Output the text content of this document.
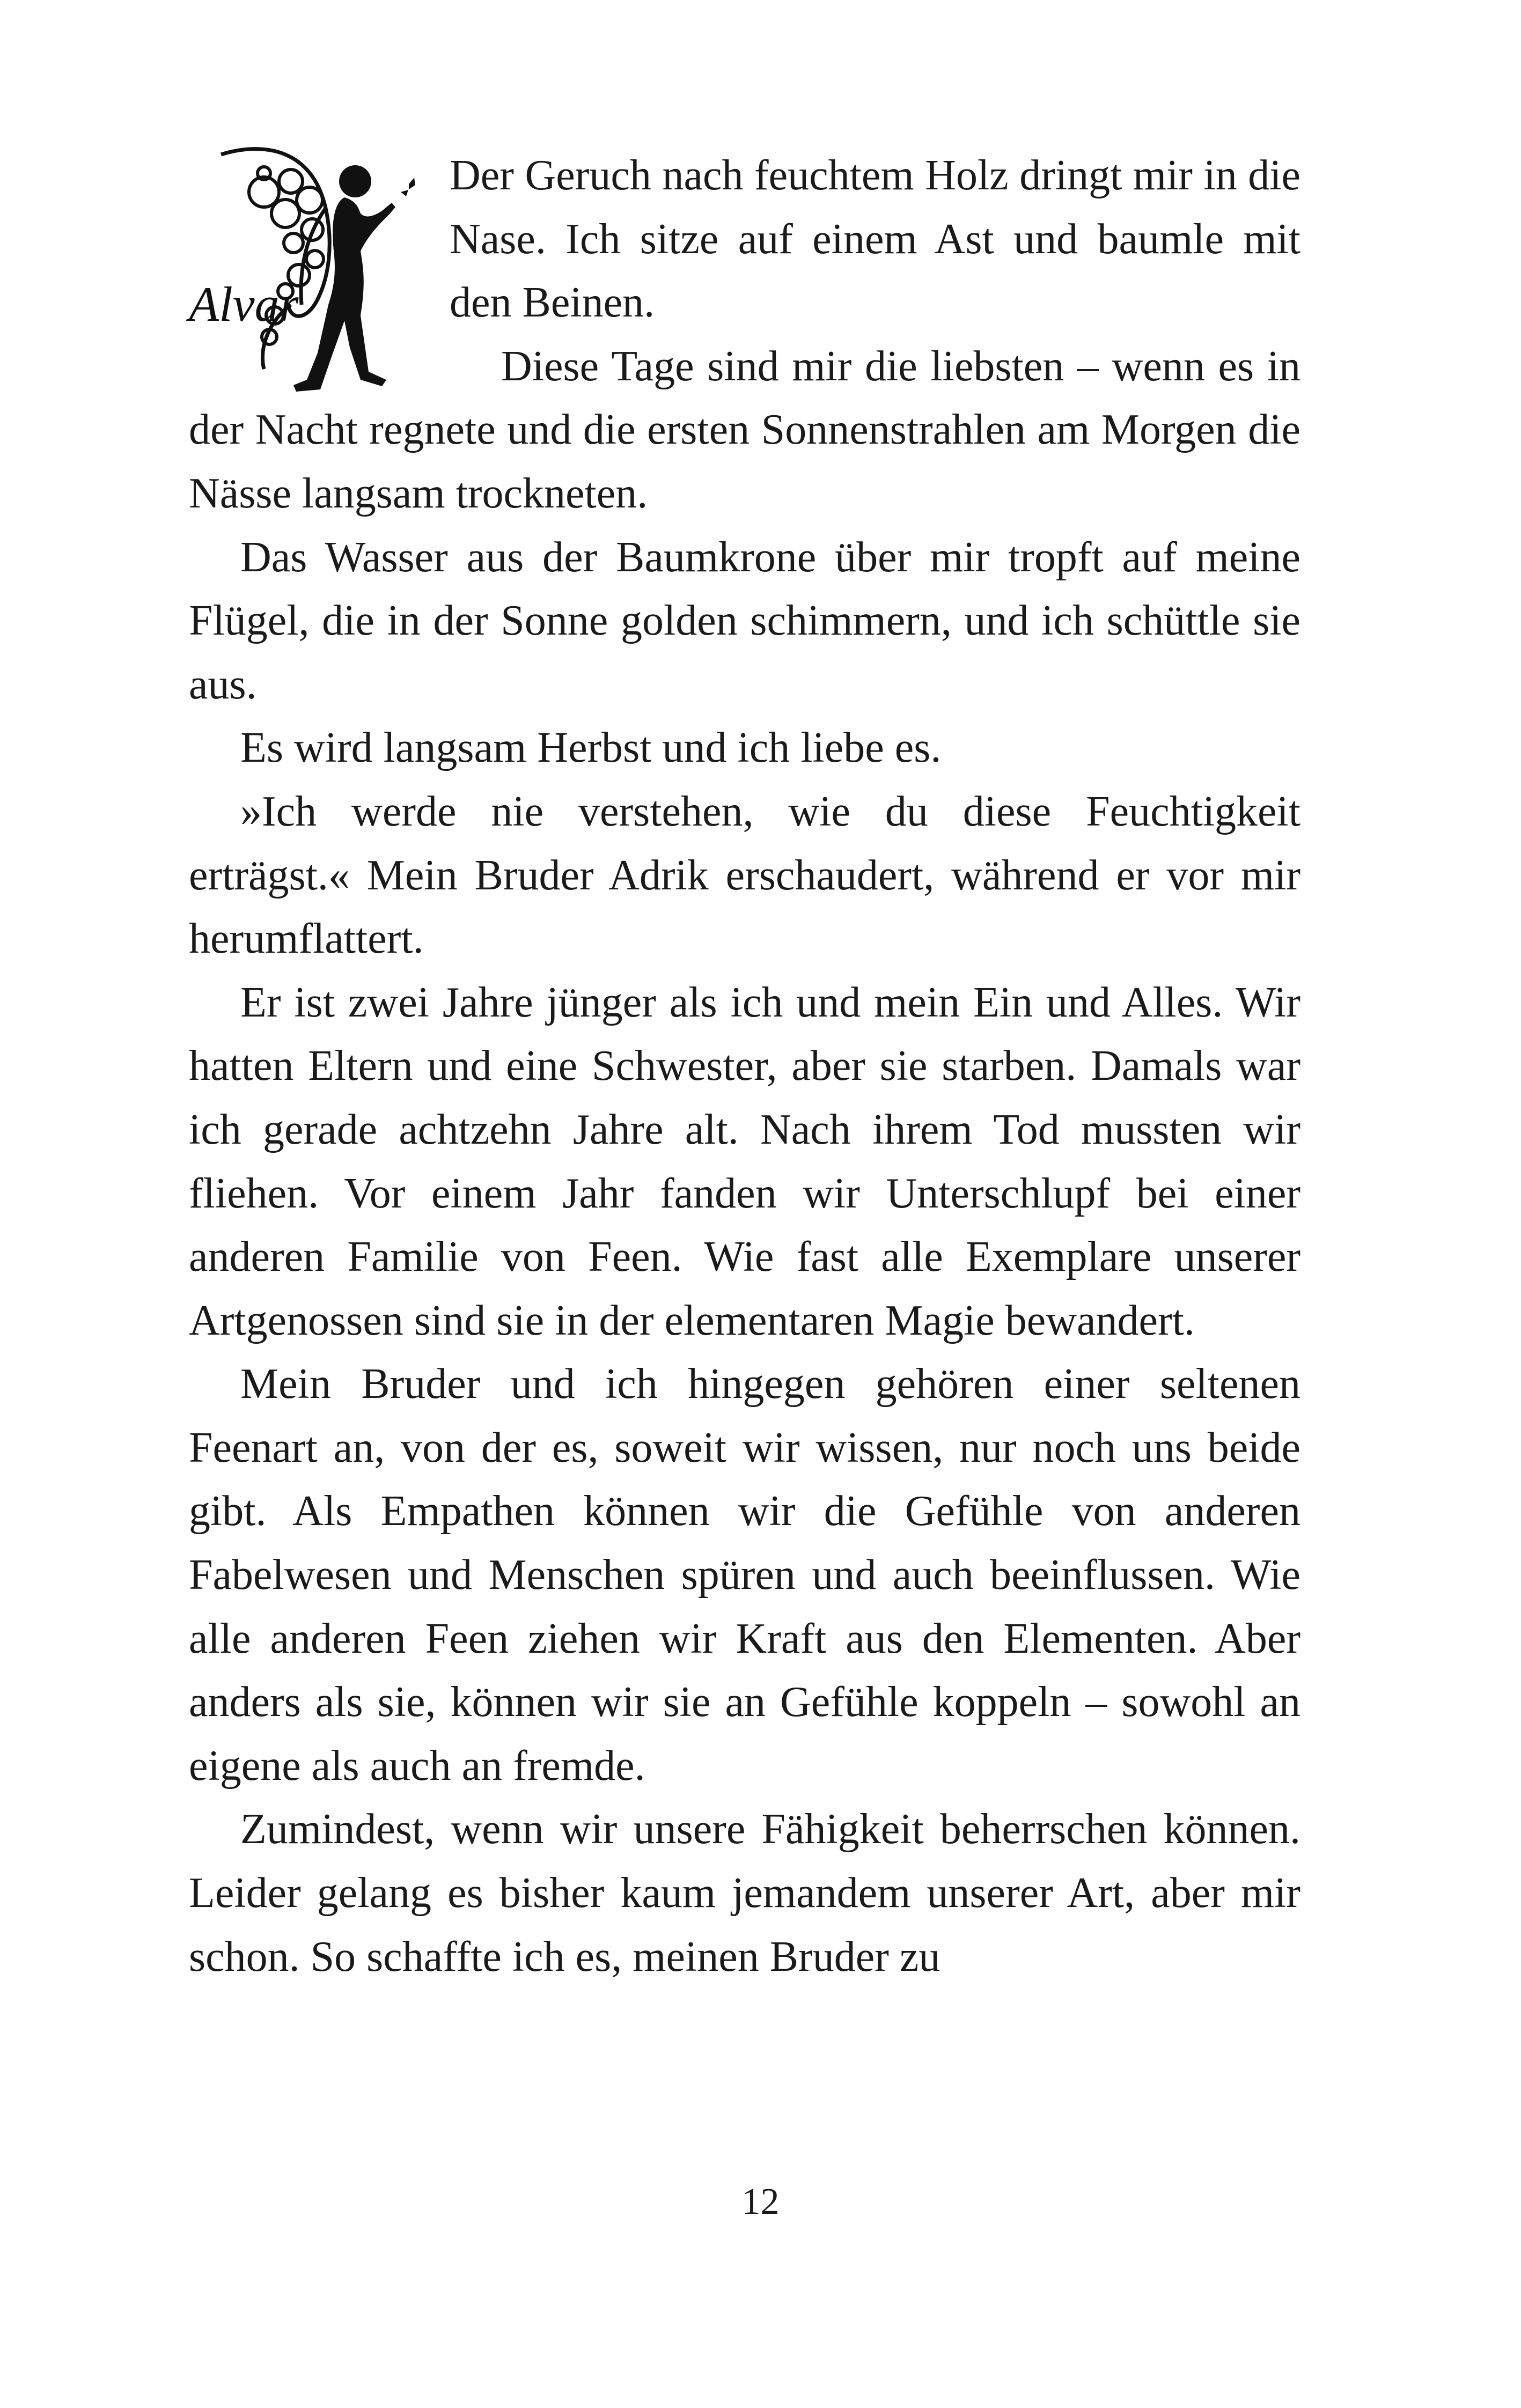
Alvar

Der Geruch nach feuchtem Holz dringt mir in die Nase. Ich sitze auf einem Ast und baumle mit den Beinen.

Diese Tage sind mir die liebsten – wenn es in der Nacht regnete und die ersten Sonnenstrahlen am Morgen die Nässe langsam trockneten.

Das Wasser aus der Baumkrone über mir tropft auf meine Flügel, die in der Sonne golden schimmern, und ich schüttle sie aus.

Es wird langsam Herbst und ich liebe es.

»Ich werde nie verstehen, wie du diese Feuchtigkeit erträgst.« Mein Bruder Adrik erschaudert, während er vor mir herumflattert.

Er ist zwei Jahre jünger als ich und mein Ein und Alles. Wir hatten Eltern und eine Schwester, aber sie starben. Damals war ich gerade achtzehn Jahre alt. Nach ihrem Tod mussten wir fliehen. Vor einem Jahr fanden wir Unterschlupf bei einer anderen Familie von Feen. Wie fast alle Exemplare unserer Artgenossen sind sie in der elementaren Magie bewandert.

Mein Bruder und ich hingegen gehören einer seltenen Feenart an, von der es, soweit wir wissen, nur noch uns beide gibt. Als Empathen können wir die Gefühle von anderen Fabelwesen und Menschen spüren und auch beeinflussen. Wie alle anderen Feen ziehen wir Kraft aus den Elementen. Aber anders als sie, können wir sie an Gefühle koppeln – sowohl an eigene als auch an fremde.

Zumindest, wenn wir unsere Fähigkeit beherrschen können. Leider gelang es bisher kaum jemandem unserer Art, aber mir schon. So schaffte ich es, meinen Bruder zu

12
